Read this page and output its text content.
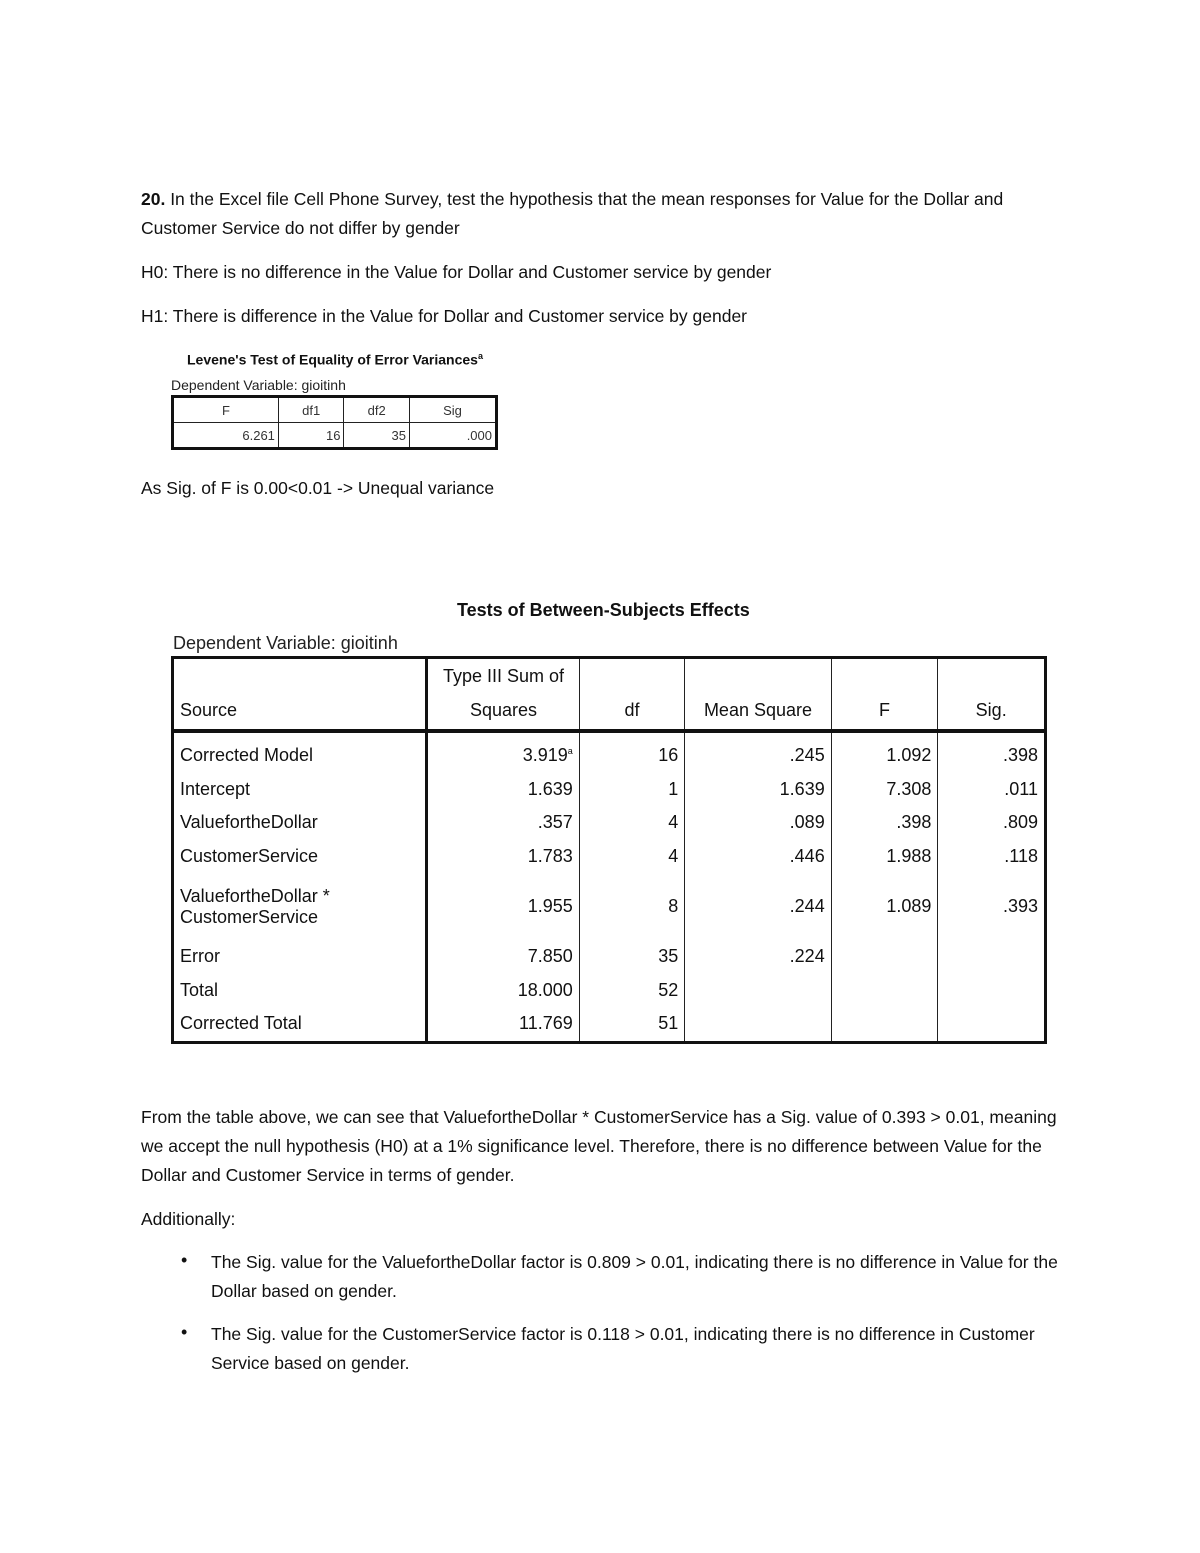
20. In the Excel file Cell Phone Survey, test the hypothesis that the mean responses for Value for the Dollar and Customer Service do not differ by gender
H0: There is no difference in the Value for Dollar and Customer service by gender
H1: There is difference in the Value for Dollar and Customer service by gender
Levene's Test of Equality of Error Variances$^a$
Dependent Variable: gioitinh
F	df1	df2	Sig
6.261	16	35	.000
As Sig. of F is 0.00<0.01 -> Unequal variance
Tests of Between-Subjects Effects
Dependent Variable: gioitinh
Source	Type III Sum of Squares	df	Mean Square	F	Sig.
Corrected Model	3.919$^a$	16	.245	1.092	.398
Intercept	1.639	1	1.639	7.308	.011
ValuefortheDollar	.357	4	.089	.398	.809
CustomerService	1.783	4	.446	1.988	.118
ValuefortheDollar * CustomerService	1.955	8	.244	1.089	.393
Error	7.850	35	.224		
Total	18.000	52			
Corrected Total	11.769	51			
From the table above, we can see that ValuefortheDollar * CustomerService has a Sig. value of 0.393 > 0.01, meaning we accept the null hypothesis (H0) at a 1% significance level. Therefore, there is no difference between Value for the Dollar and Customer Service in terms of gender.
Additionally:
• The Sig. value for the ValuefortheDollar factor is 0.809 > 0.01, indicating there is no difference in Value for the Dollar based on gender.
• The Sig. value for the CustomerService factor is 0.118 > 0.01, indicating there is no difference in Customer Service based on gender.
